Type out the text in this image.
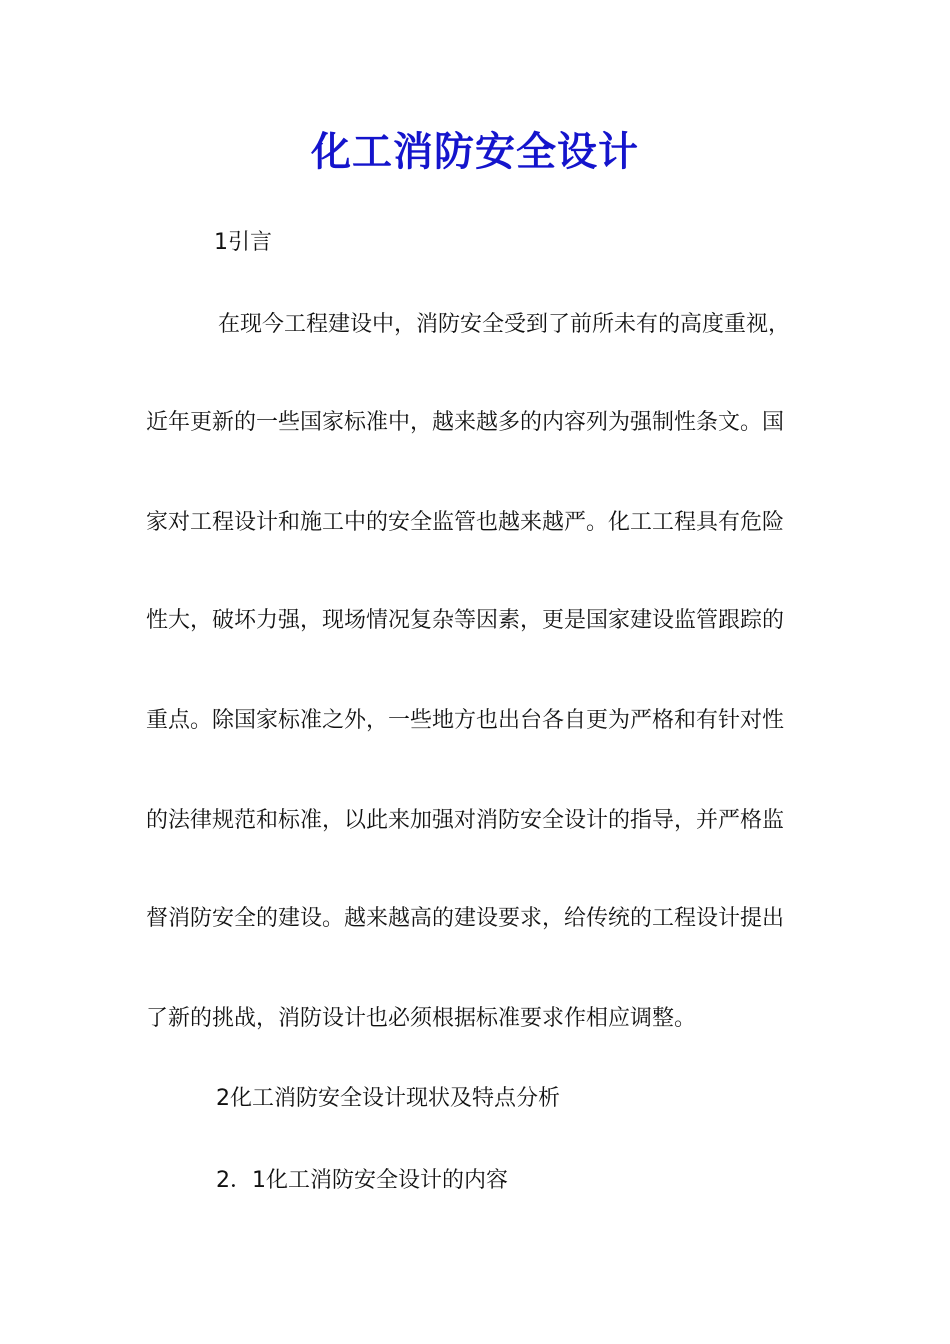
化工消防安全设计
1引言
在现今工程建设中，消防安全受到了前所未有的高度重视，
近年更新的一些国家标准中，越来越多的内容列为强制性条文。国
家对工程设计和施工中的安全监管也越来越严。化工工程具有危险
性大，破坏力强，现场情况复杂等因素，更是国家建设监管跟踪的
重点。除国家标准之外，一些地方也出台各自更为严格和有针对性
的法律规范和标准，以此来加强对消防安全设计的指导，并严格监
督消防安全的建设。越来越高的建设要求，给传统的工程设计提出
了新的挑战，消防设计也必须根据标准要求作相应调整。
2化工消防安全设计现状及特点分析
2．1化工消防安全设计的内容
